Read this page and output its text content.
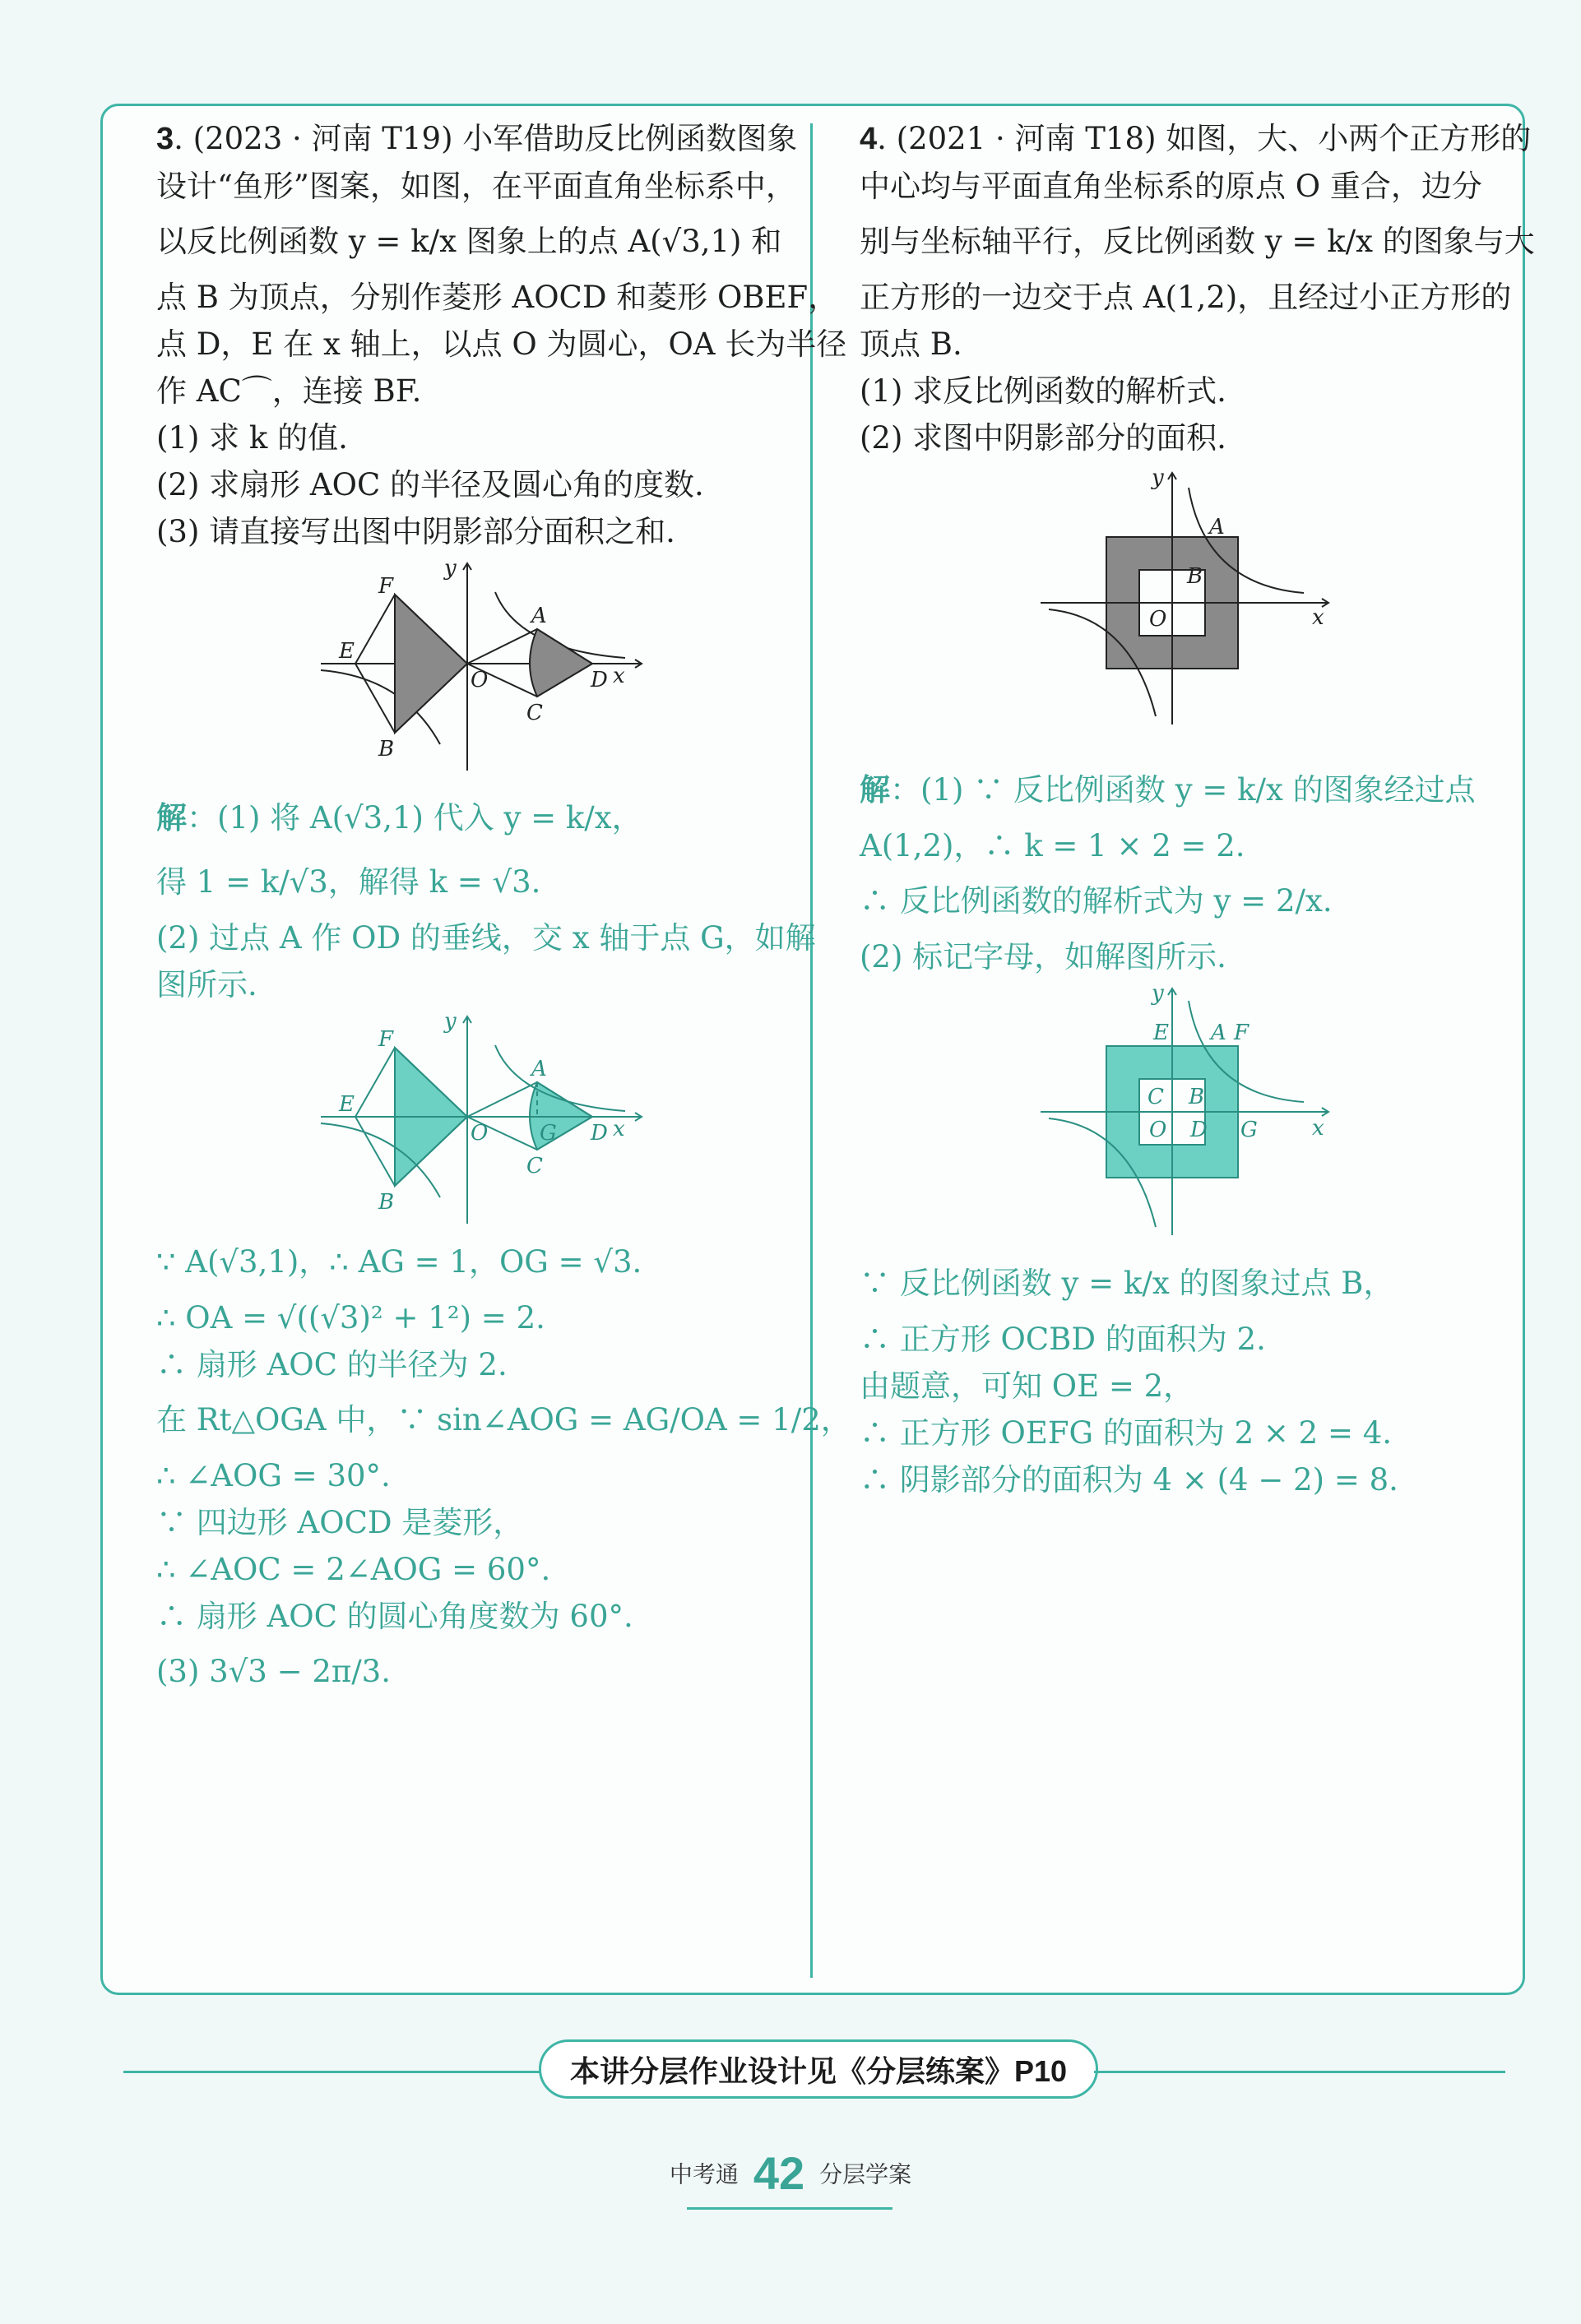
3. (2023 · 河南 T19) 小军借助反比例函数图象

设计“鱼形”图案，如图，在平面直角坐标系中，

以反比例函数 y = k/x 图象上的点 A(√3,1) 和

点 B 为顶点，分别作菱形 AOCD 和菱形 OBEF，

点 D，E 在 x 轴上，以点 O 为圆心，OA 长为半径

作 AC⌒，连接 BF.

(1) 求 k 的值.

(2) 求扇形 AOC 的半径及圆心角的度数.

(3) 请直接写出图中阴影部分面积之和.

F
E
B
O
A
C
D x
y

解：(1) 将 A(√3,1) 代入 y = k/x，

得 1 = k/√3，解得 k = √3.

(2) 过点 A 作 OD 的垂线，交 x 轴于点 G，如解

图所示.

F
E
B
O
A
G
C
D x
y

∵ A(√3,1)，∴ AG = 1，OG = √3.

∴ OA = √((√3)² + 1²) = 2.

∴ 扇形 AOC 的半径为 2.

在 Rt△OGA 中，∵ sin∠AOG = AG/OA = 1/2，

∴ ∠AOG = 30°.

∵ 四边形 AOCD 是菱形，

∴ ∠AOC = 2∠AOG = 60°.

∴ 扇形 AOC 的圆心角度数为 60°.

(3) 3√3 − 2π/3.

4. (2021 · 河南 T18) 如图，大、小两个正方形的

中心均与平面直角坐标系的原点 O 重合，边分

别与坐标轴平行，反比例函数 y = k/x 的图象与大

正方形的一边交于点 A(1,2)，且经过小正方形的

顶点 B.

(1) 求反比例函数的解析式.

(2) 求图中阴影部分的面积.

A
B
O	x
y

解：(1) ∵ 反比例函数 y = k/x 的图象经过点

A(1,2)，∴ k = 1 × 2 = 2.

∴ 反比例函数的解析式为 y = 2/x.

(2) 标记字母，如解图所示.

E A F
C B
O D G	x
y

∵ 反比例函数 y = k/x 的图象过点 B，

∴ 正方形 OCBD 的面积为 2.

由题意，可知 OE = 2，

∴ 正方形 OEFG 的面积为 2 × 2 = 4.

∴ 阴影部分的面积为 4 × (4 − 2) = 8.

本讲分层作业设计见《分层练案》P10
中考通 42 分层学案
